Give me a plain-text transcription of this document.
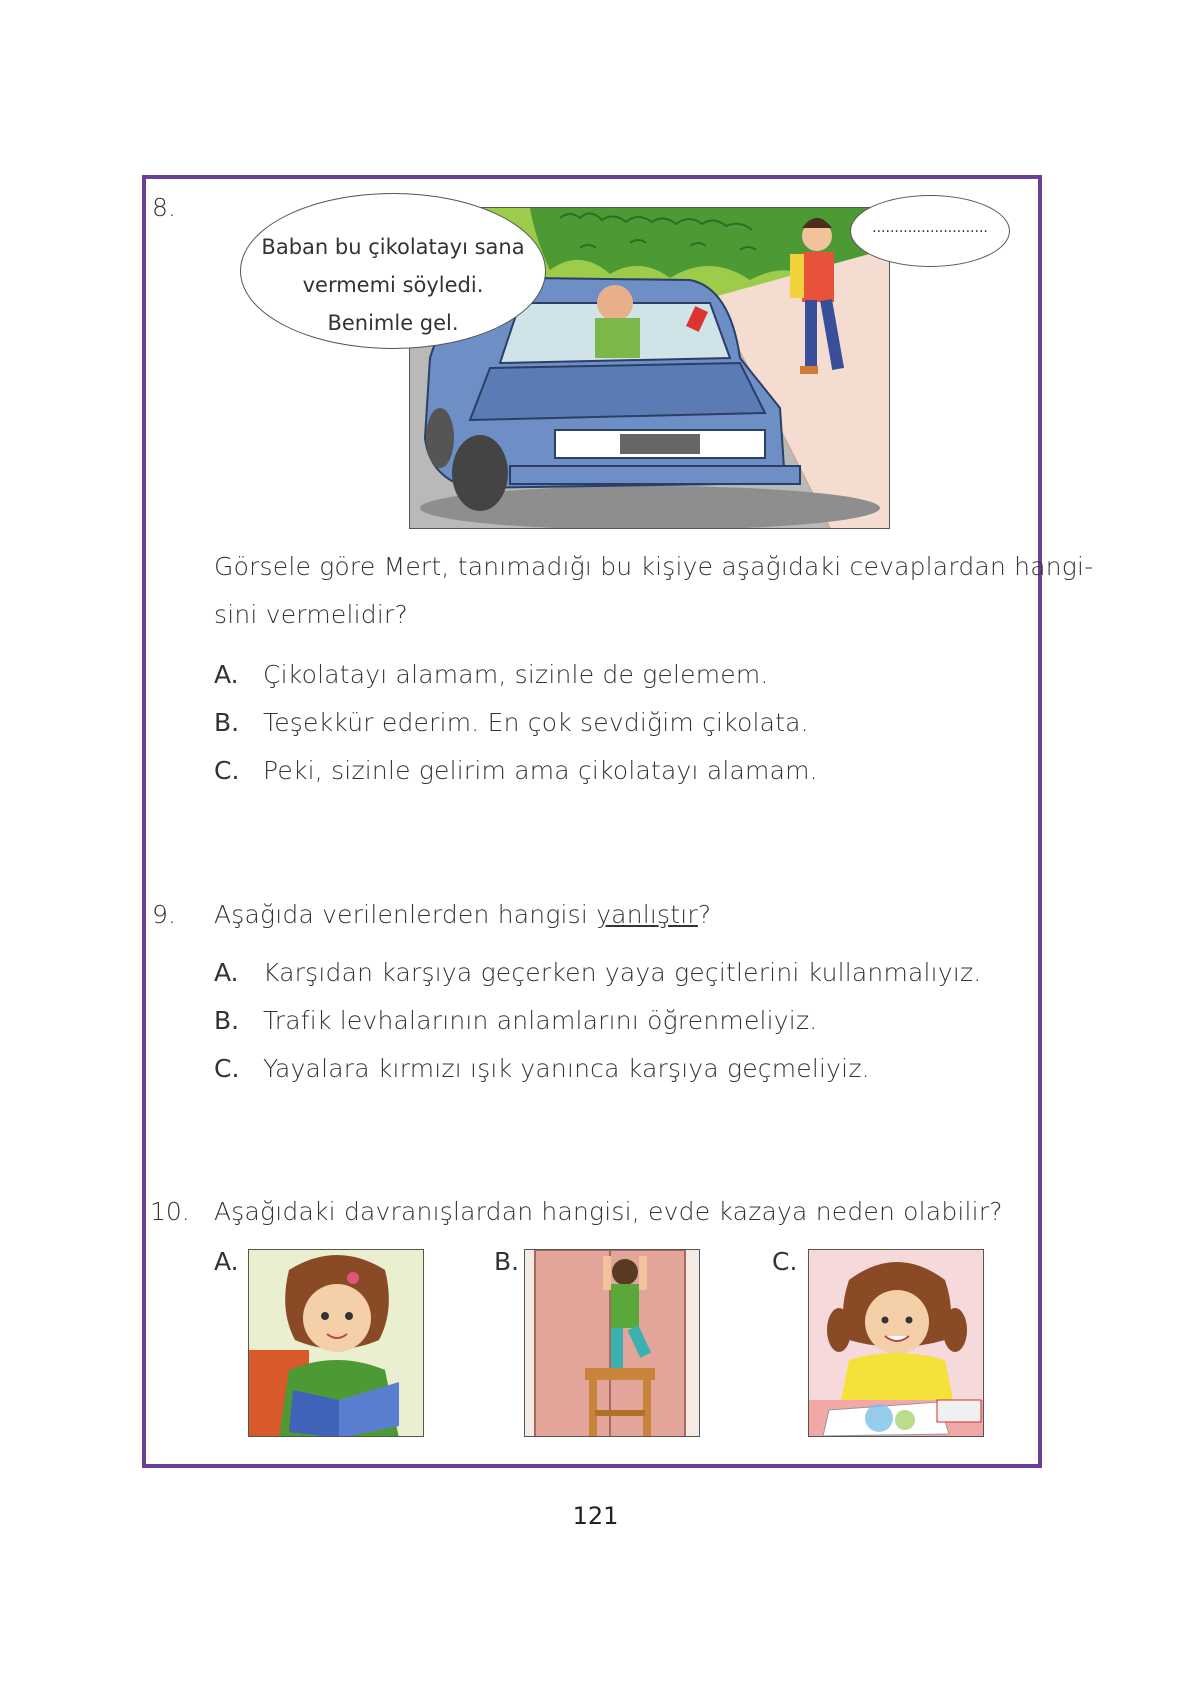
8.
Baban bu çikolatayı sana
vermemi söyledi.
Benimle gel.
..........................
Görsele göre Mert, tanımadığı bu kişiye aşağıdaki cevaplardan hangi-
sini vermelidir?
A. Çikolatayı alamam, sizinle de gelemem.
B. Teşekkür ederim. En çok sevdiğim çikolata.
C. Peki, sizinle gelirim ama çikolatayı alamam.
9. Aşağıda verilenlerden hangisi yanlıştır?
A. Karşıdan karşıya geçerken yaya geçitlerini kullanmalıyız.
B. Trafik levhalarının anlamlarını öğrenmeliyiz.
C. Yayalara kırmızı ışık yanınca karşıya geçmeliyiz.
10. Aşağıdaki davranışlardan hangisi, evde kazaya neden olabilir?
A.	B.	C.
121
